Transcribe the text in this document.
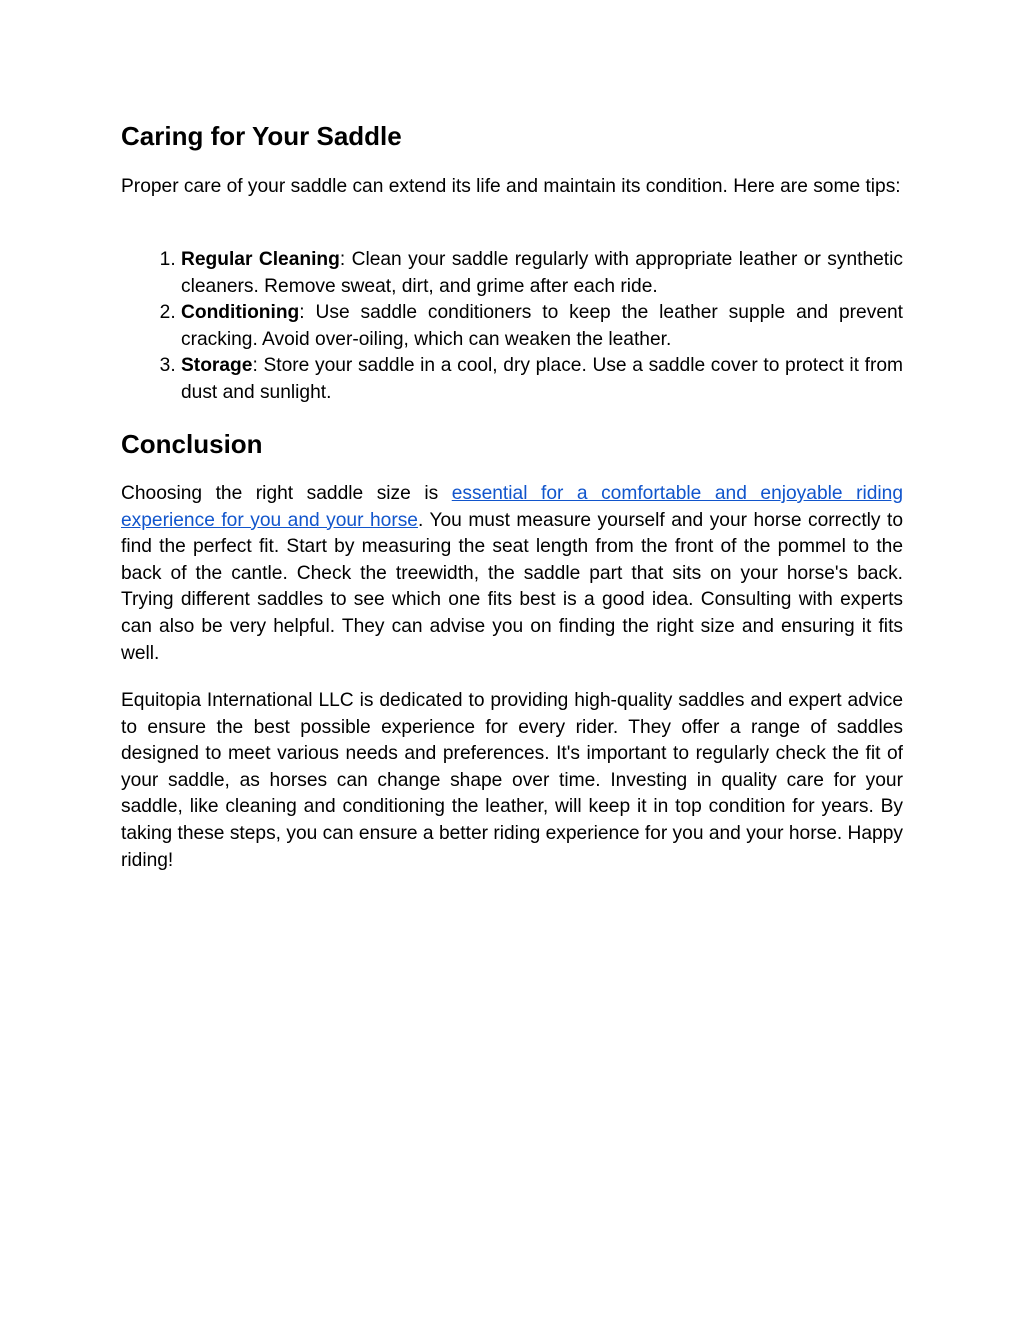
Caring for Your Saddle

Proper care of your saddle can extend its life and maintain its condition. Here are some tips:

1. Regular Cleaning: Clean your saddle regularly with appropriate leather or synthetic cleaners. Remove sweat, dirt, and grime after each ride.
2. Conditioning: Use saddle conditioners to keep the leather supple and prevent cracking. Avoid over-oiling, which can weaken the leather.
3. Storage: Store your saddle in a cool, dry place. Use a saddle cover to protect it from dust and sunlight.
Conclusion

Choosing the right saddle size is essential for a comfortable and enjoyable riding experience for you and your horse. You must measure yourself and your horse correctly to find the perfect fit. Start by measuring the seat length from the front of the pommel to the back of the cantle. Check the treewidth, the saddle part that sits on your horse's back. Trying different saddles to see which one fits best is a good idea. Consulting with experts can also be very helpful. They can advise you on finding the right size and ensuring it fits well.

Equitopia International LLC is dedicated to providing high-quality saddles and expert advice to ensure the best possible experience for every rider. They offer a range of saddles designed to meet various needs and preferences. It's important to regularly check the fit of your saddle, as horses can change shape over time. Investing in quality care for your saddle, like cleaning and conditioning the leather, will keep it in top condition for years. By taking these steps, you can ensure a better riding experience for you and your horse. Happy riding!
